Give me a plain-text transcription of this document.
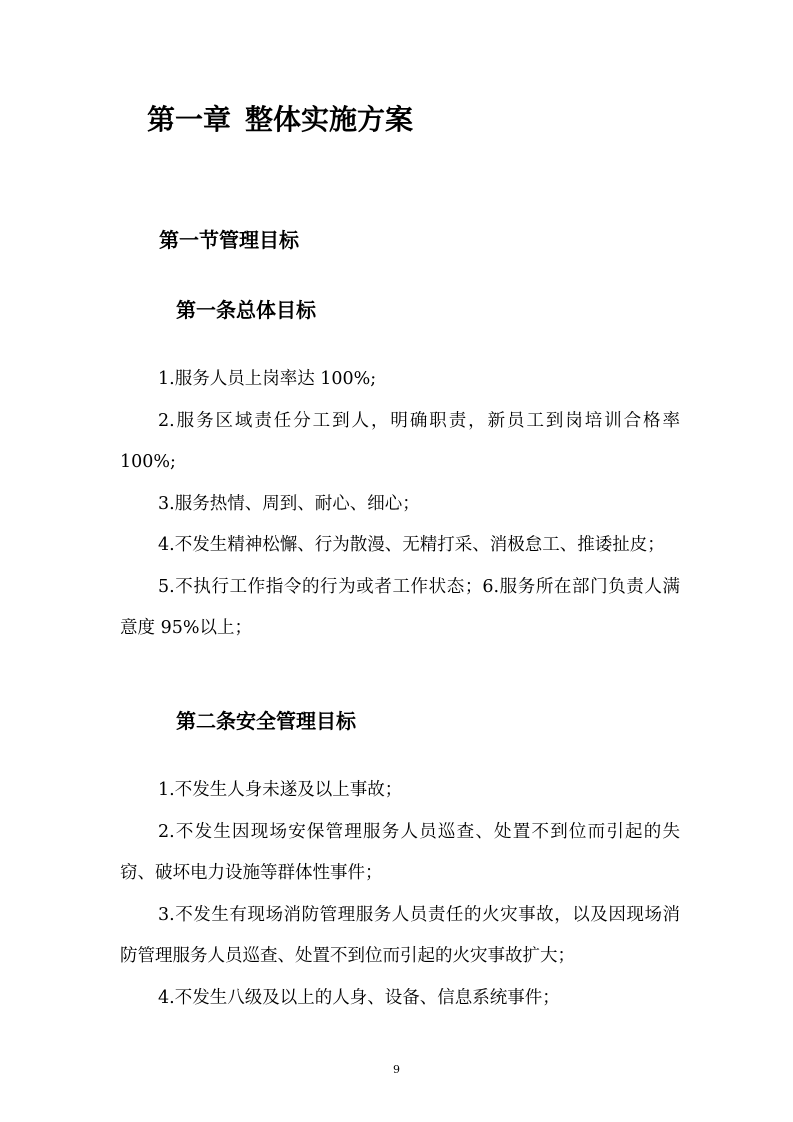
第一章 整体实施方案
第一节管理目标
第一条总体目标

1.服务人员上岗率达 100%;

2.服务区域责任分工到人，明确职责，新员工到岗培训合格率 100%;

3.服务热情、周到、耐心、细心；

4.不发生精神松懈、行为散漫、无精打采、消极怠工、推诿扯皮；

5.不执行工作指令的行为或者工作状态；6.服务所在部门负责人满意度 95%以上；

第二条安全管理目标

1.不发生人身未遂及以上事故；

2.不发生因现场安保管理服务人员巡查、处置不到位而引起的失窃、破坏电力设施等群体性事件；

3.不发生有现场消防管理服务人员责任的火灾事故，以及因现场消防管理服务人员巡查、处置不到位而引起的火灾事故扩大；

4.不发生八级及以上的人身、设备、信息系统事件；

9
